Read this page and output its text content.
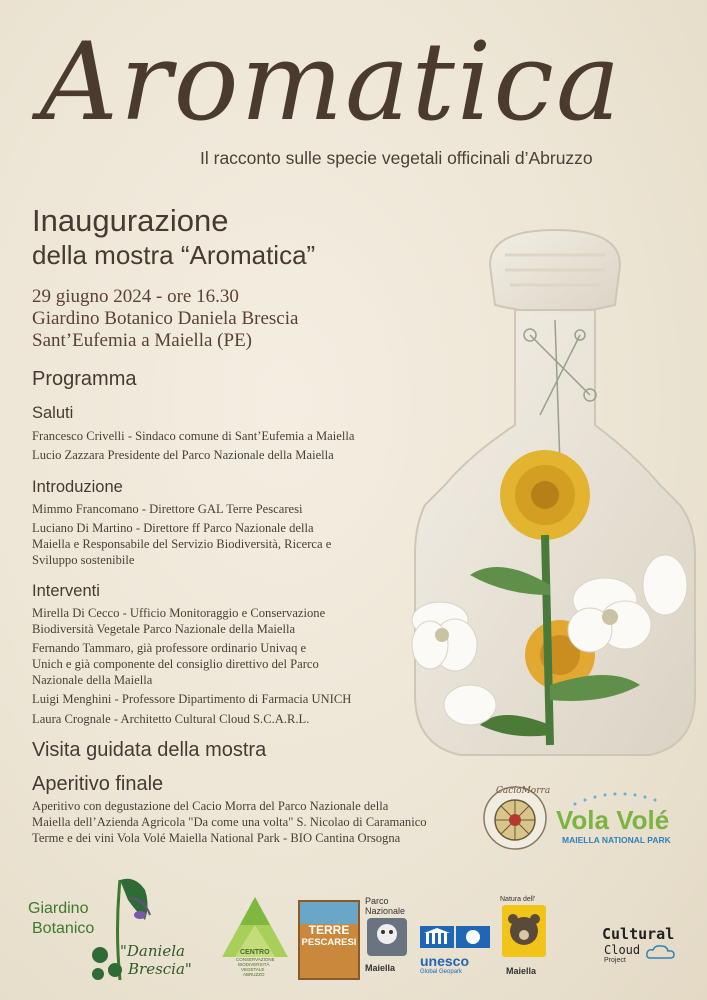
Aromatica
Il racconto sulle specie vegetali officinali d’Abruzzo
Inaugurazione
della mostra “Aromatica”
29 giugno 2024 - ore 16.30
Giardino Botanico Daniela Brescia
Sant’Eufemia a Maiella (PE)
Programma
Saluti
Francesco Crivelli - Sindaco comune di Sant’Eufemia a Maiella
Lucio Zazzara Presidente del Parco Nazionale della Maiella
Introduzione
Mimmo Francomano - Direttore GAL Terre Pescaresi
Luciano Di Martino - Direttore ff Parco Nazionale della
Maiella e Responsabile del Servizio Biodiversità, Ricerca e
Sviluppo sostenibile
Interventi
Mirella Di Cecco - Ufficio Monitoraggio e Conservazione
Biodiversità Vegetale Parco Nazionale della Maiella
Fernando Tammaro, già professore ordinario Univaq e
Unich e già componente del consiglio direttivo del Parco
Nazionale della Maiella
Luigi Menghini - Professore Dipartimento di Farmacia UNICH
Laura Crognale - Architetto Cultural Cloud S.C.A.R.L.
Visita guidata della mostra
Aperitivo finale
Aperitivo con degustazione del Cacio Morra del Parco Nazionale della
Maiella dell’Azienda Agricola "Da come una volta" S. Nicolao di Caramanico
Terme e dei vini Vola Volé Maiella National Park - BIO Cantina Orsogna
CacioMorra
Vola Volé
MAIELLA NATIONAL PARK
Giardino
Botanico
"Daniela
Brescia"
CENTRO
CONSERVAZIONE
BIODIVERSITÀ
VEGETALE
ABRUZZO
TERRE
PESCARESI
Parco
Nazionale
Maiella	unesco
Global Geopark
Natura dell'
Maiella
Cultural
Cloud
Project
